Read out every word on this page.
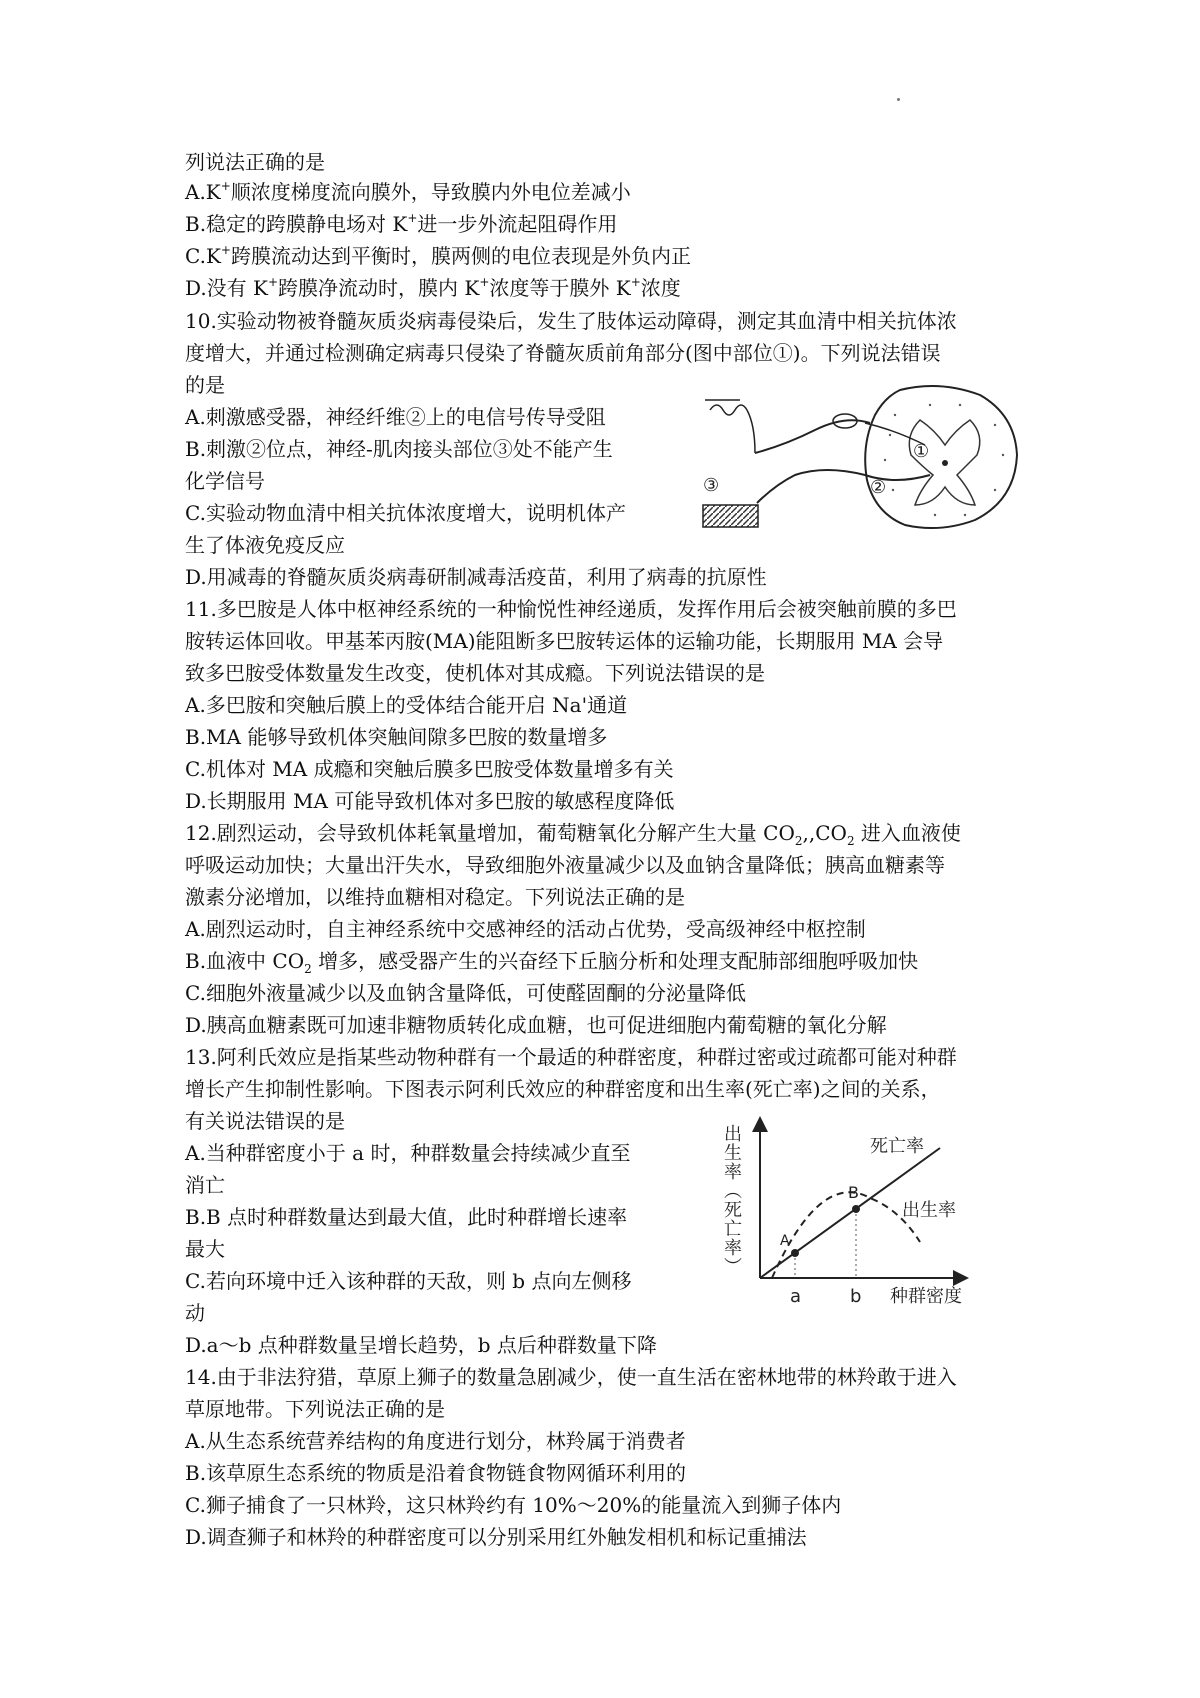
列说法正确的是
A.K+顺浓度梯度流向膜外，导致膜内外电位差减小
B.稳定的跨膜静电场对 K+进一步外流起阻碍作用
C.K+跨膜流动达到平衡时，膜两侧的电位表现是外负内正
D.没有 K+跨膜净流动时，膜内 K+浓度等于膜外 K+浓度
10.实验动物被脊髓灰质炎病毒侵染后，发生了肢体运动障碍，测定其血清中相关抗体浓
度增大，并通过检测确定病毒只侵染了脊髓灰质前角部分(图中部位①)。下列说法错误
的是
A.刺激感受器，神经纤维②上的电信号传导受阻
B.刺激②位点，神经-肌肉接头部位③处不能产生
化学信号
C.实验动物血清中相关抗体浓度增大，说明机体产
生了体液免疫反应
D.用减毒的脊髓灰质炎病毒研制减毒活疫苗，利用了病毒的抗原性
①
②
③
11.多巴胺是人体中枢神经系统的一种愉悦性神经递质，发挥作用后会被突触前膜的多巴
胺转运体回收。甲基苯丙胺(MA)能阻断多巴胺转运体的运输功能，长期服用 MA 会导
致多巴胺受体数量发生改变，使机体对其成瘾。下列说法错误的是
A.多巴胺和突触后膜上的受体结合能开启 Na'通道
B.MA 能够导致机体突触间隙多巴胺的数量增多
C.机体对 MA 成瘾和突触后膜多巴胺受体数量增多有关
D.长期服用 MA 可能导致机体对多巴胺的敏感程度降低
12.剧烈运动，会导致机体耗氧量增加，葡萄糖氧化分解产生大量 $CO_2,,CO_2$ 进入血液使
呼吸运动加快；大量出汗失水，导致细胞外液量减少以及血钠含量降低；胰高血糖素等
激素分泌增加，以维持血糖相对稳定。下列说法正确的是
A.剧烈运动时，自主神经系统中交感神经的活动占优势，受高级神经中枢控制
B.血液中 $CO_2$ 增多，感受器产生的兴奋经下丘脑分析和处理支配肺部细胞呼吸加快
C.细胞外液量减少以及血钠含量降低，可使醛固酮的分泌量降低
D.胰高血糖素既可加速非糖物质转化成血糖，也可促进细胞内葡萄糖的氧化分解
13.阿利氏效应是指某些动物种群有一个最适的种群密度，种群过密或过疏都可能对种群
增长产生抑制性影响。下图表示阿利氏效应的种群密度和出生率(死亡率)之间的关系，
有关说法错误的是
A.当种群密度小于 a 时，种群数量会持续减少直至
消亡
B.B 点时种群数量达到最大值，此时种群增长速率
最大
C.若向环境中迁入该种群的天敌，则 b 点向左侧移
动
D.a～b 点种群数量呈增长趋势，b 点后种群数量下降
出生率︵死亡率︶
A
B
死亡率
出生率
a	b 种群密度
14.由于非法狩猎，草原上狮子的数量急剧减少，使一直生活在密林地带的林羚敢于进入
草原地带。下列说法正确的是
A.从生态系统营养结构的角度进行划分，林羚属于消费者
B.该草原生态系统的物质是沿着食物链食物网循环利用的
C.狮子捕食了一只林羚，这只林羚约有 10%～20%的能量流入到狮子体内
D.调查狮子和林羚的种群密度可以分别采用红外触发相机和标记重捕法
